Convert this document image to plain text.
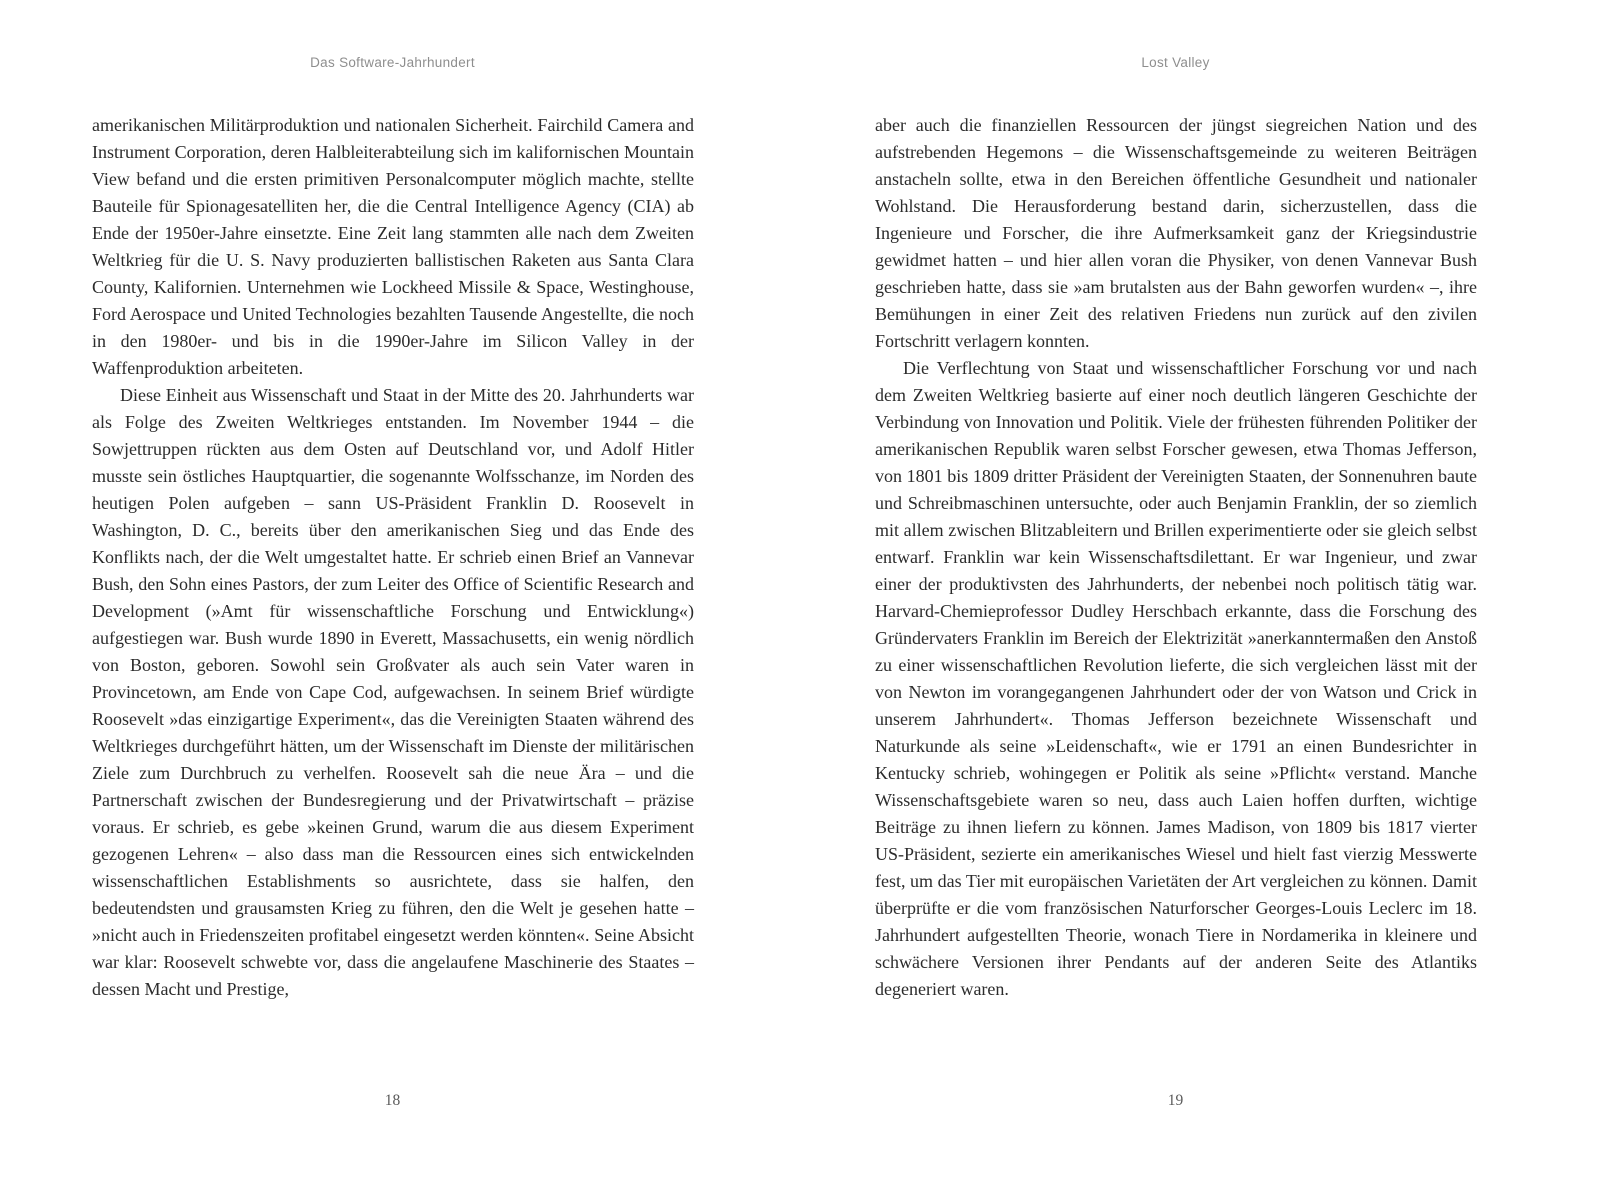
Das Software-Jahrhundert

amerikanischen Militärproduktion und nationalen Sicherheit. Fairchild Camera and Instrument Corporation, deren Halbleiterabteilung sich im kalifornischen Mountain View befand und die ersten primitiven Personalcomputer möglich machte, stellte Bauteile für Spionagesatelliten her, die die Central Intelligence Agency (CIA) ab Ende der 1950er-Jahre einsetzte. Eine Zeit lang stammten alle nach dem Zweiten Weltkrieg für die U. S. Navy produzierten ballistischen Raketen aus Santa Clara County, Kalifornien. Unternehmen wie Lockheed Missile & Space, Westinghouse, Ford Aerospace und United Technologies bezahlten Tausende Angestellte, die noch in den 1980er- und bis in die 1990er-Jahre im Silicon Valley in der Waffenproduktion arbeiteten.

Diese Einheit aus Wissenschaft und Staat in der Mitte des 20. Jahrhunderts war als Folge des Zweiten Weltkrieges entstanden. Im November 1944 – die Sowjettruppen rückten aus dem Osten auf Deutschland vor, und Adolf Hitler musste sein östliches Hauptquartier, die sogenannte Wolfsschanze, im Norden des heutigen Polen aufgeben – sann US-Präsident Franklin D. Roosevelt in Washington, D. C., bereits über den amerikanischen Sieg und das Ende des Konflikts nach, der die Welt umgestaltet hatte. Er schrieb einen Brief an Vannevar Bush, den Sohn eines Pastors, der zum Leiter des Office of Scientific Research and Development (»Amt für wissenschaftliche Forschung und Entwicklung«) aufgestiegen war. Bush wurde 1890 in Everett, Massachusetts, ein wenig nördlich von Boston, geboren. Sowohl sein Großvater als auch sein Vater waren in Provincetown, am Ende von Cape Cod, aufgewachsen. In seinem Brief würdigte Roosevelt »das einzigartige Experiment«, das die Vereinigten Staaten während des Weltkrieges durchgeführt hätten, um der Wissenschaft im Dienste der militärischen Ziele zum Durchbruch zu verhelfen. Roosevelt sah die neue Ära – und die Partnerschaft zwischen der Bundesregierung und der Privatwirtschaft – präzise voraus. Er schrieb, es gebe »keinen Grund, warum die aus diesem Experiment gezogenen Lehren« – also dass man die Ressourcen eines sich entwickelnden wissenschaftlichen Establishments so ausrichtete, dass sie halfen, den bedeutendsten und grausamsten Krieg zu führen, den die Welt je gesehen hatte – »nicht auch in Friedenszeiten profitabel eingesetzt werden könnten«. Seine Absicht war klar: Roosevelt schwebte vor, dass die angelaufene Maschinerie des Staates – dessen Macht und Prestige,

18
Lost Valley

aber auch die finanziellen Ressourcen der jüngst siegreichen Nation und des aufstrebenden Hegemons – die Wissenschaftsgemeinde zu weiteren Beiträgen anstacheln sollte, etwa in den Bereichen öffentliche Gesundheit und nationaler Wohlstand. Die Herausforderung bestand darin, sicherzustellen, dass die Ingenieure und Forscher, die ihre Aufmerksamkeit ganz der Kriegsindustrie gewidmet hatten – und hier allen voran die Physiker, von denen Vannevar Bush geschrieben hatte, dass sie »am brutalsten aus der Bahn geworfen wurden« –, ihre Bemühungen in einer Zeit des relativen Friedens nun zurück auf den zivilen Fortschritt verlagern konnten.

Die Verflechtung von Staat und wissenschaftlicher Forschung vor und nach dem Zweiten Weltkrieg basierte auf einer noch deutlich längeren Geschichte der Verbindung von Innovation und Politik. Viele der frühesten führenden Politiker der amerikanischen Republik waren selbst Forscher gewesen, etwa Thomas Jefferson, von 1801 bis 1809 dritter Präsident der Vereinigten Staaten, der Sonnenuhren baute und Schreibmaschinen untersuchte, oder auch Benjamin Franklin, der so ziemlich mit allem zwischen Blitzableitern und Brillen experimentierte oder sie gleich selbst entwarf. Franklin war kein Wissenschaftsdilettant. Er war Ingenieur, und zwar einer der produktivsten des Jahrhunderts, der nebenbei noch politisch tätig war. Harvard-Chemieprofessor Dudley Herschbach erkannte, dass die Forschung des Gründervaters Franklin im Bereich der Elektrizität »anerkanntermaßen den Anstoß zu einer wissenschaftlichen Revolution lieferte, die sich vergleichen lässt mit der von Newton im vorangegangenen Jahrhundert oder der von Watson und Crick in unserem Jahrhundert«. Thomas Jefferson bezeichnete Wissenschaft und Naturkunde als seine »Leidenschaft«, wie er 1791 an einen Bundesrichter in Kentucky schrieb, wohingegen er Politik als seine »Pflicht« verstand. Manche Wissenschaftsgebiete waren so neu, dass auch Laien hoffen durften, wichtige Beiträge zu ihnen liefern zu können. James Madison, von 1809 bis 1817 vierter US-Präsident, sezierte ein amerikanisches Wiesel und hielt fast vierzig Messwerte fest, um das Tier mit europäischen Varietäten der Art vergleichen zu können. Damit überprüfte er die vom französischen Naturforscher Georges-Louis Leclerc im 18. Jahrhundert aufgestellten Theorie, wonach Tiere in Nordamerika in kleinere und schwächere Versionen ihrer Pendants auf der anderen Seite des Atlantiks degeneriert waren.

19
